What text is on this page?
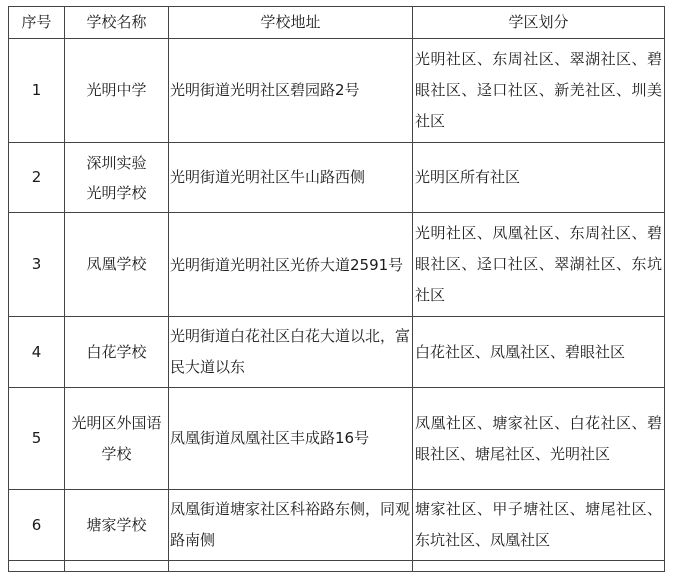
序号	学校名称	学校地址	学区划分
1	光明中学	光明街道光明社区碧园路2号	光明社区、东周社区、翠湖社区、碧眼社区、迳口社区、新羌社区、圳美社区
2	深圳实验光明学校	光明街道光明社区牛山路西侧	光明区所有社区
3	凤凰学校	光明街道光明社区光侨大道2591号	光明社区、凤凰社区、东周社区、碧眼社区、迳口社区、翠湖社区、东坑社区
4	白花学校	光明街道白花社区白花大道以北，富民大道以东	白花社区、凤凰社区、碧眼社区
5	光明区外国语学校	凤凰街道凤凰社区丰成路16号	凤凰社区、塘家社区、白花社区、碧眼社区、塘尾社区、光明社区
6	塘家学校	凤凰街道塘家社区科裕路东侧，同观路南侧	塘家社区、甲子塘社区、塘尾社区、东坑社区、凤凰社区
